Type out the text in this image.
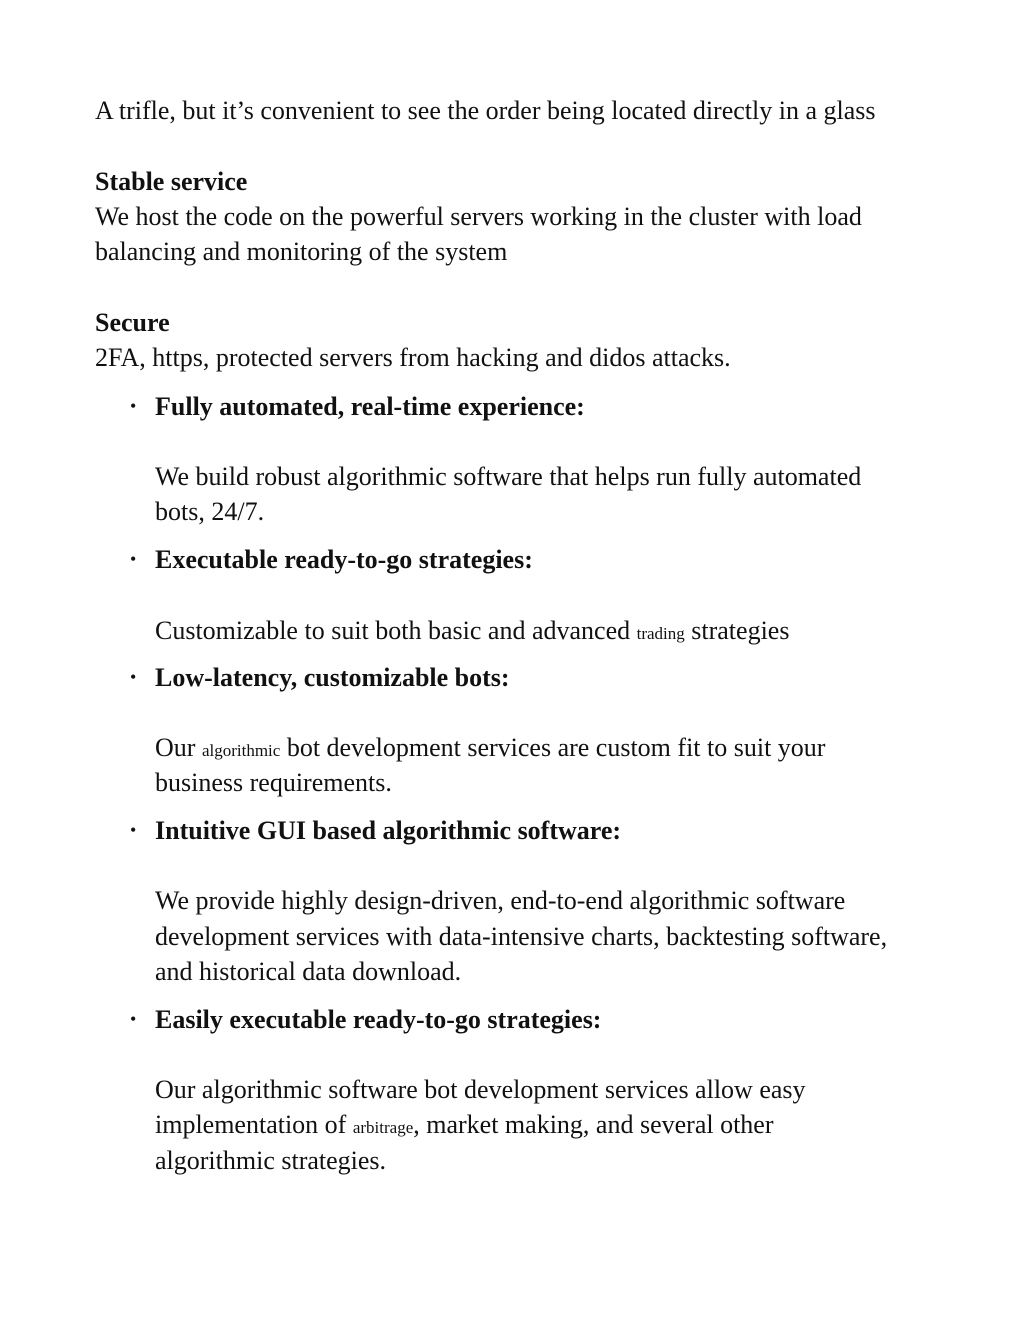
A trifle, but it’s convenient to see the order being located directly in a glass
Stable service
We host the code on the powerful servers working in the cluster with load
balancing and monitoring of the system
Secure
2FA, https, protected servers from hacking and didos attacks.
• Fully automated, real-time experience:
We build robust algorithmic software that helps run fully automated
bots, 24/7.
• Executable ready-to-go strategies:
Customizable to suit both basic and advanced trading strategies
• Low-latency, customizable bots:
Our algorithmic bot development services are custom fit to suit your
business requirements.
• Intuitive GUI based algorithmic software:
We provide highly design-driven, end-to-end algorithmic software
development services with data-intensive charts, backtesting software,
and historical data download.
• Easily executable ready-to-go strategies:
Our algorithmic software bot development services allow easy
implementation of arbitrage, market making, and several other
algorithmic strategies.
